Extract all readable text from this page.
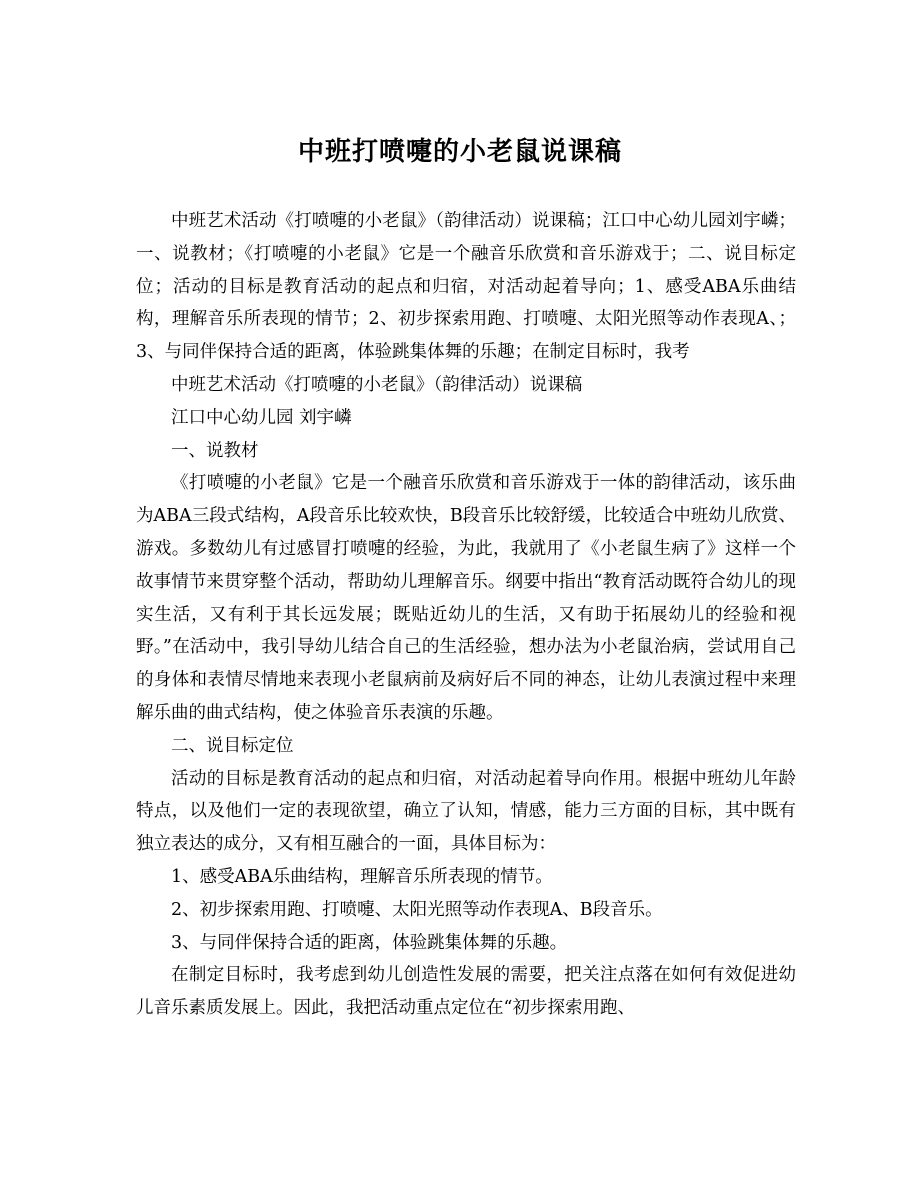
中班打喷嚏的小老鼠说课稿

中班艺术活动《打喷嚏的小老鼠》（韵律活动）说课稿；江口中心幼儿园刘宇嶙；一、说教材；《打喷嚏的小老鼠》它是一个融音乐欣赏和音乐游戏于；二、说目标定位；活动的目标是教育活动的起点和归宿，对活动起着导向；1、感受ABA乐曲结构，理解音乐所表现的情节；2、初步探索用跑、打喷嚏、太阳光照等动作表现A、；3、与同伴保持合适的距离，体验跳集体舞的乐趣；在制定目标时，我考

中班艺术活动《打喷嚏的小老鼠》（韵律活动）说课稿

江口中心幼儿园 刘宇嶙

一、说教材

《打喷嚏的小老鼠》它是一个融音乐欣赏和音乐游戏于一体的韵律活动，该乐曲为ABA三段式结构，A段音乐比较欢快，B段音乐比较舒缓，比较适合中班幼儿欣赏、游戏。多数幼儿有过感冒打喷嚏的经验，为此，我就用了《小老鼠生病了》这样一个故事情节来贯穿整个活动，帮助幼儿理解音乐。纲要中指出“教育活动既符合幼儿的现实生活，又有利于其长远发展；既贴近幼儿的生活，又有助于拓展幼儿的经验和视野。”在活动中，我引导幼儿结合自己的生活经验，想办法为小老鼠治病，尝试用自己的身体和表情尽情地来表现小老鼠病前及病好后不同的神态，让幼儿表演过程中来理解乐曲的曲式结构，使之体验音乐表演的乐趣。

二、说目标定位

活动的目标是教育活动的起点和归宿，对活动起着导向作用。根据中班幼儿年龄特点，以及他们一定的表现欲望，确立了认知，情感，能力三方面的目标，其中既有独立表达的成分，又有相互融合的一面，具体目标为：

1、感受ABA乐曲结构，理解音乐所表现的情节。

2、初步探索用跑、打喷嚏、太阳光照等动作表现A、B段音乐。

3、与同伴保持合适的距离，体验跳集体舞的乐趣。

在制定目标时，我考虑到幼儿创造性发展的需要，把关注点落在如何有效促进幼儿音乐素质发展上。因此，我把活动重点定位在“初步探索用跑、
